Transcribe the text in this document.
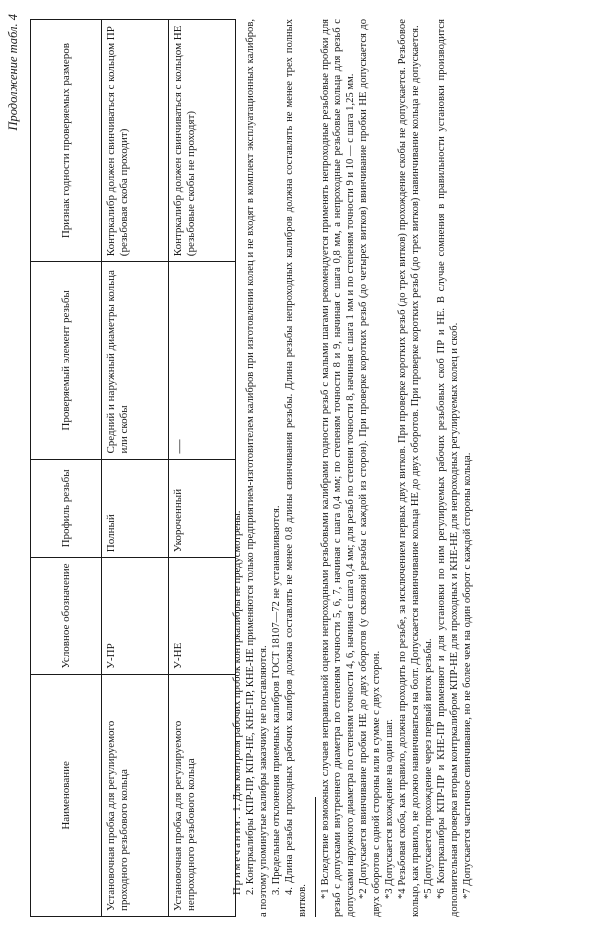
Продолжение табл. 4
Наименование	Условное обозначение	Профиль резьбы	Проверяемый элемент резьбы	Признак годности проверяемых размеров
Установочная пробка для регулируемого проходного резьбового кольца	У-ПР	Полный	Средний и наружный диаметры кольца или скобы	Контркалибр должен свинчиваться с кольцом ПР (резьбовая скоба проходит)
Установочная пробка для регулируемого непроходного резьбового кольца	У-НЕ	Укороченный	—	Контркалибр должен свинчиваться с кольцом НЕ (резьбовые скобы не проходят)

Примечания. 1. Для контроля рабочих пробок контркалибры не предусмотрены. 2. Контркалибры КПР-ПР, КПР-НЕ, КНЕ-ПР, КНЕ-НЕ применяются только предприятием-изготовителем калибров при изготовлении колец и не входят в комплект эксплуатационных калибров, а поэтому упоминутые калибры заказчику не поставляются. 3. Предельные отклонения приемных калибров ГОСТ 18107—72 не устанавливаются. 4. Длина резьбы проходных рабочих калибров должна составлять не менее 0.8 длины свинчивания резьбы. Длина резьбы непроходных калибров должна составлять не менее трех полных витков.

*1 Вследствие возможных случаев неправильной оценки непроходными резьбовыми калибрами годности резьб с малыми шагами рекомендуется применять непроходные резьбовые пробки для резьб с допусками внутреннего диаметра по степеням точности 5, 6, 7, начиная с шага 0,4 мм; по степеням точности 8 и 9, начиная с шага 0,8 мм, а непроходные резьбовые кольца для резьб с допусками наружного диаметра по степеням точности 4, 6, начиная с шага 0,4 мм; для резьб по степени точности 8, начиная с шага 1 мм и по степеням точности 9 и 10 — с шага 1,25 мм. *2 Допускается ввинчивание пробки НЕ до двух оборотов (у сквозной резьбы с каждой из сторон). При проверке коротких резьб (до четырех витков) ввинчивание пробки НЕ допускается до двух оборотов с одной стороны или в сумме с двух сторон. *3 Допускается вхождение на один шаг. *4 Резьбовая скоба, как правило, должна проходить по резьбе, за исключением первых двух витков. При проверке коротких резьб (до трех витков) прохождение скобы не допускается. Резьбовое кольцо, как правило, не должно навинчиваться на болт. Допускается навинчивание кольца НЕ до двух оборотов. При проверке коротких резьб (до трех витков) навинчивание кольца не допускается. *5 Допускается прохождение через первый виток резьбы. *6 Контркалибры КПР-ПР и КНЕ-ПР применяют и для установки по ним регулируемых рабочих резьбовых скоб ПР и НЕ. В случае сомнения в правильности установки производится дополнительная проверка вторым контркалибром КПР-НЕ для проходных и КНЕ-НЕ для непроходных регулируемых колец и скоб. *7 Допускается частичное свинчивание, но не более чем на один оборот с каждой стороны кольца.
